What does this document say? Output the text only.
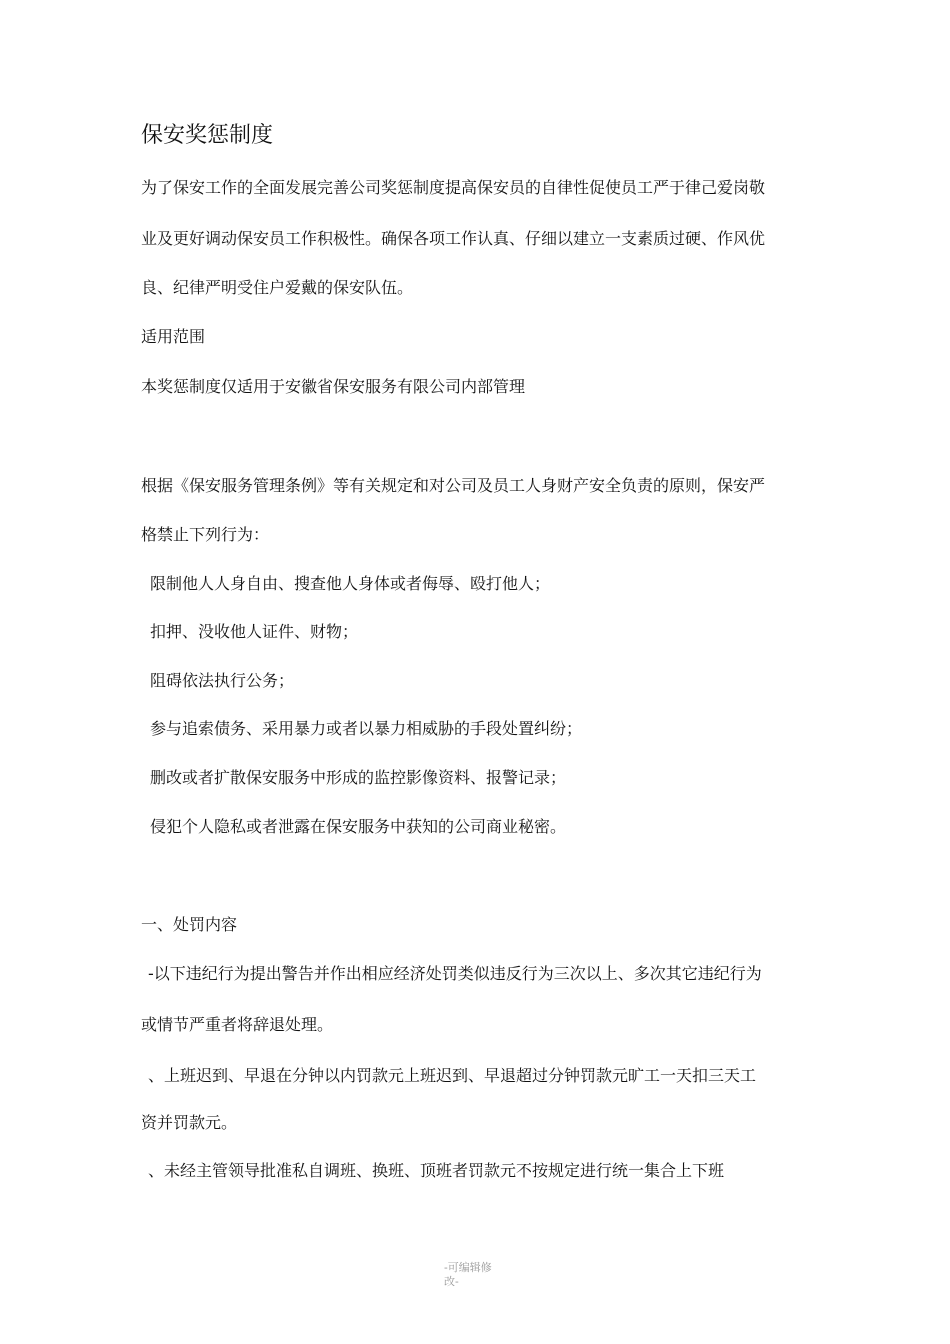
保安奖惩制度
为了保安工作的全面发展完善公司奖惩制度提高保安员的自律性促使员工严于律己爱岗敬
业及更好调动保安员工作积极性。确保各项工作认真、仔细以建立一支素质过硬、作风优
良、纪律严明受住户爱戴的保安队伍。
适用范围
本奖惩制度仅适用于安徽省保安服务有限公司内部管理
根据《保安服务管理条例》等有关规定和对公司及员工人身财产安全负责的原则，保安严
格禁止下列行为：
限制他人人身自由、搜查他人身体或者侮辱、殴打他人；
扣押、没收他人证件、财物；
阻碍依法执行公务；
参与追索债务、采用暴力或者以暴力相威胁的手段处置纠纷；
删改或者扩散保安服务中形成的监控影像资料、报警记录；
侵犯个人隐私或者泄露在保安服务中获知的公司商业秘密。
一、处罚内容
-以下违纪行为提出警告并作出相应经济处罚类似违反行为三次以上、多次其它违纪行为
或情节严重者将辞退处理。
、上班迟到、早退在分钟以内罚款元上班迟到、早退超过分钟罚款元旷工一天扣三天工
资并罚款元。
、未经主管领导批准私自调班、换班、顶班者罚款元不按规定进行统一集合上下班
-可编辑修
改-
